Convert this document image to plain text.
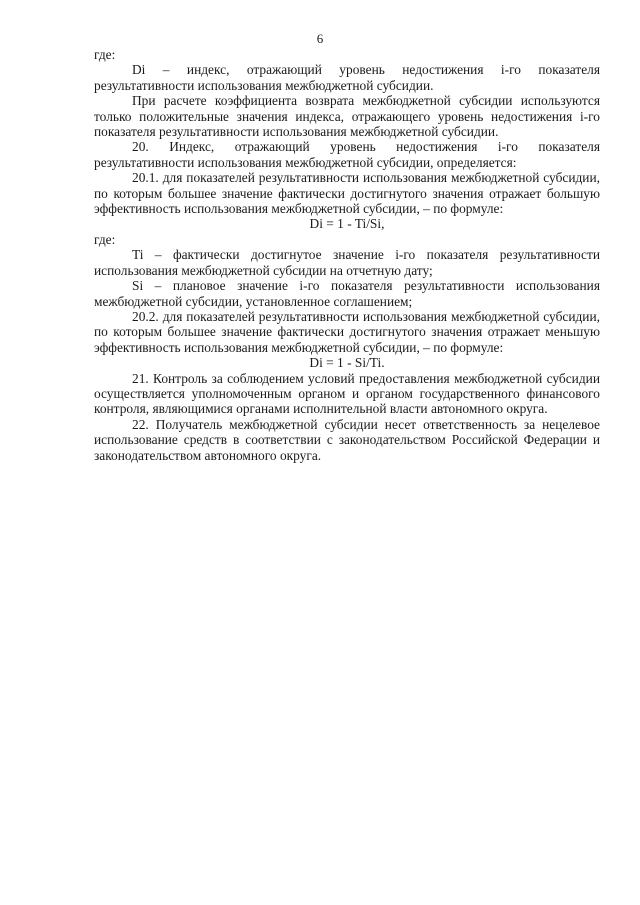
6

где:

Di – индекс, отражающий уровень недостижения i-го показателя результативности использования межбюджетной субсидии.

При расчете коэффициента возврата межбюджетной субсидии используются только положительные значения индекса, отражающего уровень недостижения i-го показателя результативности использования межбюджетной субсидии.

20. Индекс, отражающий уровень недостижения i-го показателя результативности использования межбюджетной субсидии, определяется:

20.1. для показателей результативности использования межбюджетной субсидии, по которым большее значение фактически достигнутого значения отражает большую эффективность использования межбюджетной субсидии, – по формуле:

Di = 1 - Ti/Si,

где:

Ti – фактически достигнутое значение i-го показателя результативности использования межбюджетной субсидии на отчетную дату;

Si – плановое значение i-го показателя результативности использования межбюджетной субсидии, установленное соглашением;

20.2. для показателей результативности использования межбюджетной субсидии, по которым большее значение фактически достигнутого значения отражает меньшую эффективность использования межбюджетной субсидии, – по формуле:

Di = 1 - Si/Ti.

21. Контроль за соблюдением условий предоставления межбюджетной субсидии осуществляется уполномоченным органом и органом государственного финансового контроля, являющимися органами исполнительной власти автономного округа.

22. Получатель межбюджетной субсидии несет ответственность за нецелевое использование средств в соответствии с законодательством Российской Федерации и законодательством автономного округа.
